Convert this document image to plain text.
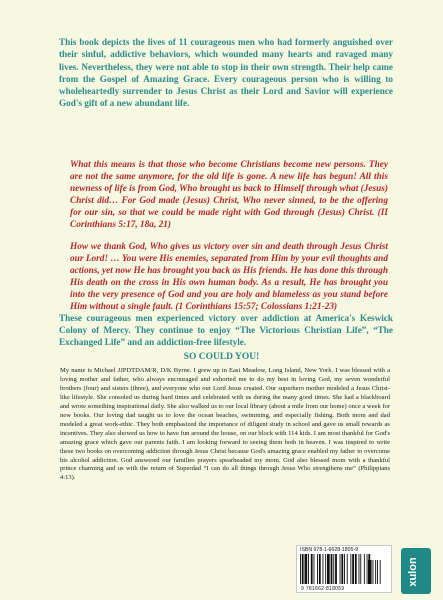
This book depicts the lives of 11 courageous men who had formerly anguished over their sinful, addictive behaviors, which wounded many hearts and ravaged many lives. Nevertheless, they were not able to stop in their own strength. Their help came from the Gospel of Amazing Grace. Every courageous person who is willing to wholeheartedly surrender to Jesus Christ as their Lord and Savior will experience God's gift of a new abundant life.

What this means is that those who become Christians become new persons. They are not the same anymore, for the old life is gone. A new life has begun! All this newness of life is from God, Who brought us back to Himself through what (Jesus) Christ did… For God made (Jesus) Christ, Who never sinned, to be the offering for our sin, so that we could be made right with God through (Jesus) Christ. (II Corinthians 5:17, 18a, 21)

How we thank God, Who gives us victory over sin and death through Jesus Christ our Lord! … You were His enemies, separated from Him by your evil thoughts and actions, yet now He has brought you back as His friends. He has done this through His death on the cross in His own human body. As a result, He has brought you into the very presence of God and you are holy and blameless as you stand before Him without a single fault. (1 Corinthians 15:57; Colossians 1:21-23)

These courageous men experienced victory over addiction at America's Keswick Colony of Mercy. They continue to enjoy “The Victorious Christian Life”, “The Exchanged Life” and an addiction-free lifestyle.

SO COULD YOU!

My name is Michael JJPDTDAM/R, D/K Byrne. I grew up in East Meadow, Long Island, New York. I was blessed with a loving mother and father, who always encouraged and exhorted me to do my best in loving God, my seven wonderful brothers (four) and sisters (three), and everyone who our Lord Jesus created. Our superhero mother modeled a Jesus Christ-like lifestyle. She consoled us during hard times and celebrated with us during the many good times. She had a blackboard and wrote something inspirational daily. She also walked us to our local library (about a mile from our home) once a week for new books. Our loving dad taught us to love the ocean beaches, swimming, and especially fishing. Both mom and dad modeled a great work-ethic. They both emphasized the importance of diligent study in school and gave us small rewards as incentives. They also showed us how to have fun around the house, on our block with 114 kids. I am most thankful for God's amazing grace which gave our parents faith. I am looking forward to seeing them both in heaven. I was inspired to write these two books on overcoming addiction through Jesus Christ because God's amazing grace enabled my father to overcome his alcohol addiction. God answered our families prayers spearheaded my mom. God also blessed mom with a thankful prince charming and us with the return of Superdad “I can do all things through Jesus Who strengthens me” (Philippians 4:13).

ISBN 978-1-6628-1805-9
9 781662 818059
xulon
